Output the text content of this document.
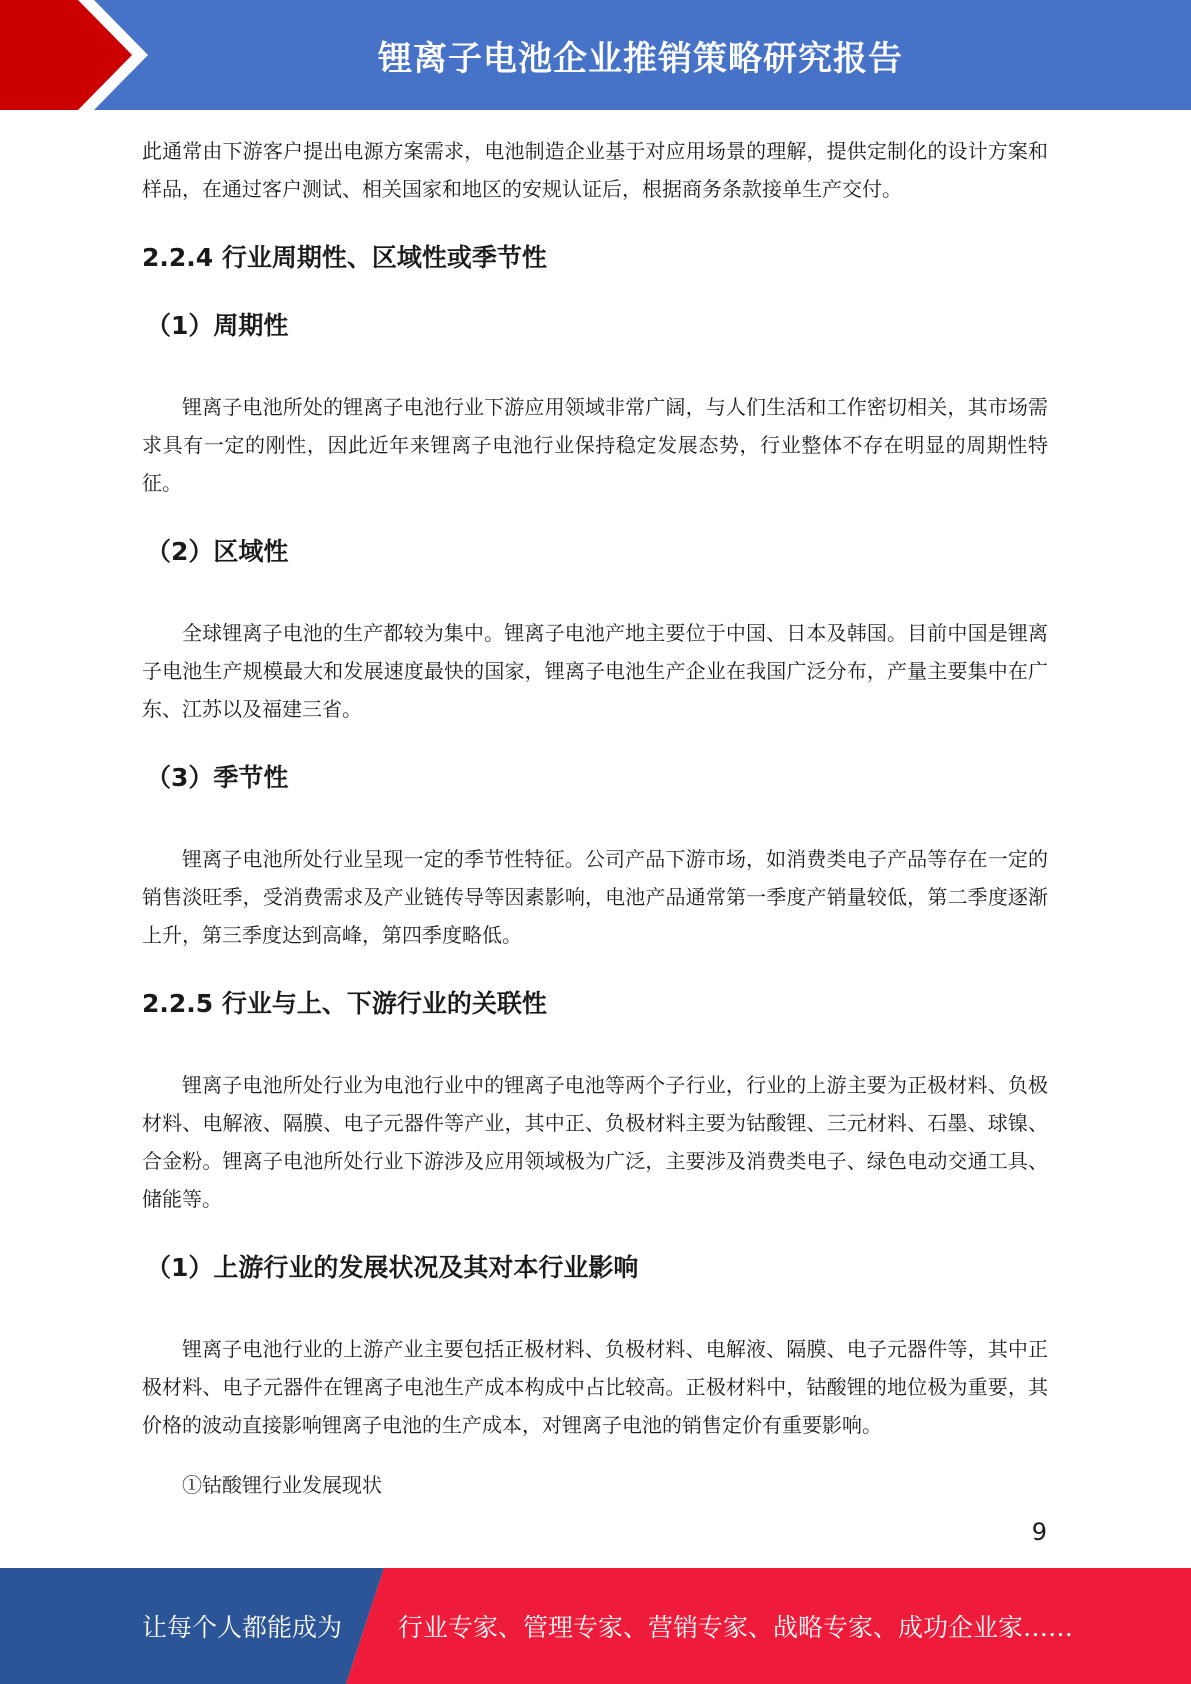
锂离子电池企业推销策略研究报告

此通常由下游客户提出电源方案需求，电池制造企业基于对应用场景的理解，提供定制化的设计方案和样品，在通过客户测试、相关国家和地区的安规认证后，根据商务条款接单生产交付。

2.2.4 行业周期性、区域性或季节性
（1）周期性

锂离子电池所处的锂离子电池行业下游应用领域非常广阔，与人们生活和工作密切相关，其市场需求具有一定的刚性，因此近年来锂离子电池行业保持稳定发展态势，行业整体不存在明显的周期性特征。

（2）区域性

全球锂离子电池的生产都较为集中。锂离子电池产地主要位于中国、日本及韩国。目前中国是锂离子电池生产规模最大和发展速度最快的国家，锂离子电池生产企业在我国广泛分布，产量主要集中在广东、江苏以及福建三省。

（3）季节性

锂离子电池所处行业呈现一定的季节性特征。公司产品下游市场，如消费类电子产品等存在一定的销售淡旺季，受消费需求及产业链传导等因素影响，电池产品通常第一季度产销量较低，第二季度逐渐上升，第三季度达到高峰，第四季度略低。

2.2.5 行业与上、下游行业的关联性

锂离子电池所处行业为电池行业中的锂离子电池等两个子行业，行业的上游主要为正极材料、负极材料、电解液、隔膜、电子元器件等产业，其中正、负极材料主要为钴酸锂、三元材料、石墨、球镍、合金粉。锂离子电池所处行业下游涉及应用领域极为广泛，主要涉及消费类电子、绿色电动交通工具、储能等。

（1）上游行业的发展状况及其对本行业影响

锂离子电池行业的上游产业主要包括正极材料、负极材料、电解液、隔膜、电子元器件等，其中正极材料、电子元器件在锂离子电池生产成本构成中占比较高。正极材料中，钴酸锂的地位极为重要，其价格的波动直接影响锂离子电池的生产成本，对锂离子电池的销售定价有重要影响。

①钴酸锂行业发展现状

9
让每个人都能成为 行业专家、管理专家、营销专家、战略专家、成功企业家……
